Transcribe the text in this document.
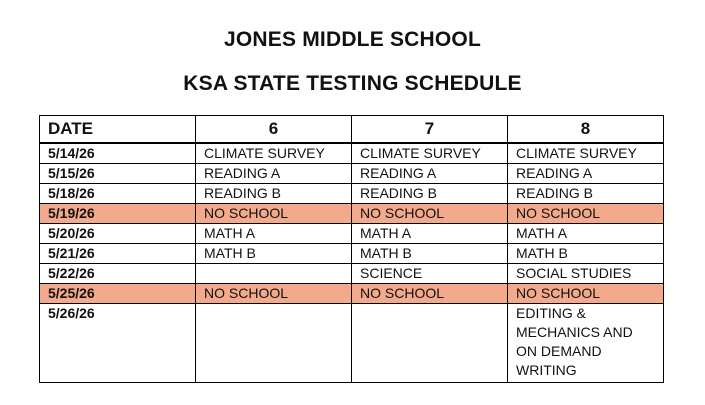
JONES MIDDLE SCHOOL
KSA STATE TESTING SCHEDULE
DATE	6	7	8
5/14/26	CLIMATE SURVEY	CLIMATE SURVEY	CLIMATE SURVEY
5/15/26	READING A	READING A	READING A
5/18/26	READING B	READING B	READING B
5/19/26	NO SCHOOL	NO SCHOOL	NO SCHOOL
5/20/26	MATH A	MATH A	MATH A
5/21/26	MATH B	MATH B	MATH B
5/22/26		SCIENCE	SOCIAL STUDIES
5/25/26	NO SCHOOL	NO SCHOOL	NO SCHOOL
5/26/26			EDITING &
MECHANICS AND
ON DEMAND
WRITING
